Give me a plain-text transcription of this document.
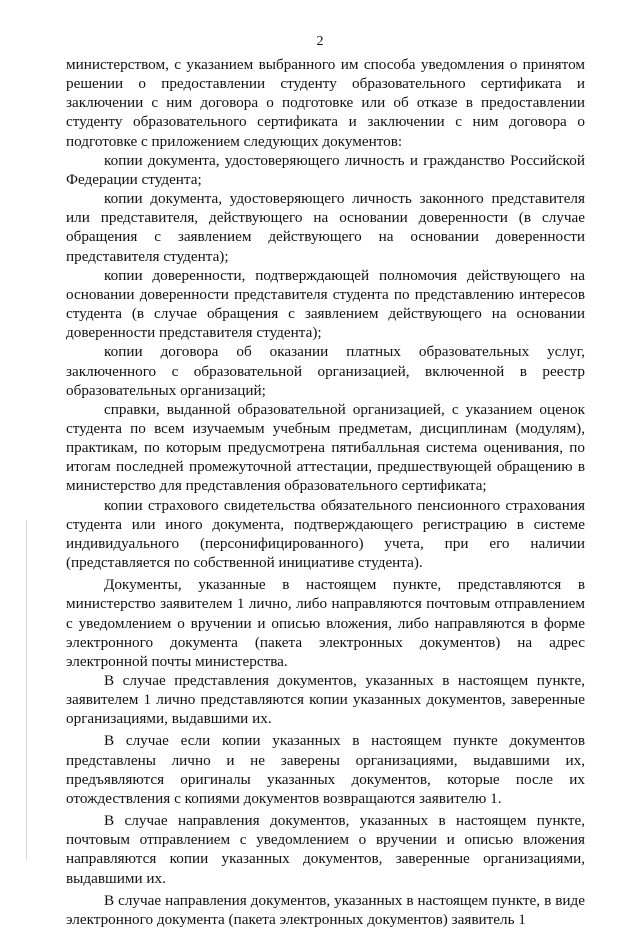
2

министерством, с указанием выбранного им способа уведомления о принятом решении о предоставлении студенту образовательного сертификата и заключении с ним договора о подготовке или об отказе в предоставлении студенту образовательного сертификата и заключении с ним договора о подготовке с приложением следующих документов:

копии документа, удостоверяющего личность и гражданство Российской Федерации студента;

копии документа, удостоверяющего личность законного представителя или представителя, действующего на основании доверенности (в случае обращения с заявлением действующего на основании доверенности представителя студента);

копии доверенности, подтверждающей полномочия действующего на основании доверенности представителя студента по представлению интересов студента (в случае обращения с заявлением действующего на основании доверенности представителя студента);

копии договора об оказании платных образовательных услуг, заключенного с образовательной организацией, включенной в реестр образовательных организаций;

справки, выданной образовательной организацией, с указанием оценок студента по всем изучаемым учебным предметам, дисциплинам (модулям), практикам, по которым предусмотрена пятибалльная система оценивания, по итогам последней промежуточной аттестации, предшествующей обращению в министерство для представления образовательного сертификата;

копии страхового свидетельства обязательного пенсионного страхования студента или иного документа, подтверждающего регистрацию в системе индивидуального (персонифицированного) учета, при его наличии (представляется по собственной инициативе студента).

Документы, указанные в настоящем пункте, представляются в министерство заявителем 1 лично, либо направляются почтовым отправлением с уведомлением о вручении и описью вложения, либо направляются в форме электронного документа (пакета электронных документов) на адрес электронной почты министерства.

В случае представления документов, указанных в настоящем пункте, заявителем 1 лично представляются копии указанных документов, заверенные организациями, выдавшими их.

В случае если копии указанных в настоящем пункте документов представлены лично и не заверены организациями, выдавшими их, предъявляются оригиналы указанных документов, которые после их отождествления с копиями документов возвращаются заявителю 1.

В случае направления документов, указанных в настоящем пункте, почтовым отправлением с уведомлением о вручении и описью вложения направляются копии указанных документов, заверенные организациями, выдавшими их.

В случае направления документов, указанных в настоящем пункте, в виде электронного документа (пакета электронных документов) заявитель 1
